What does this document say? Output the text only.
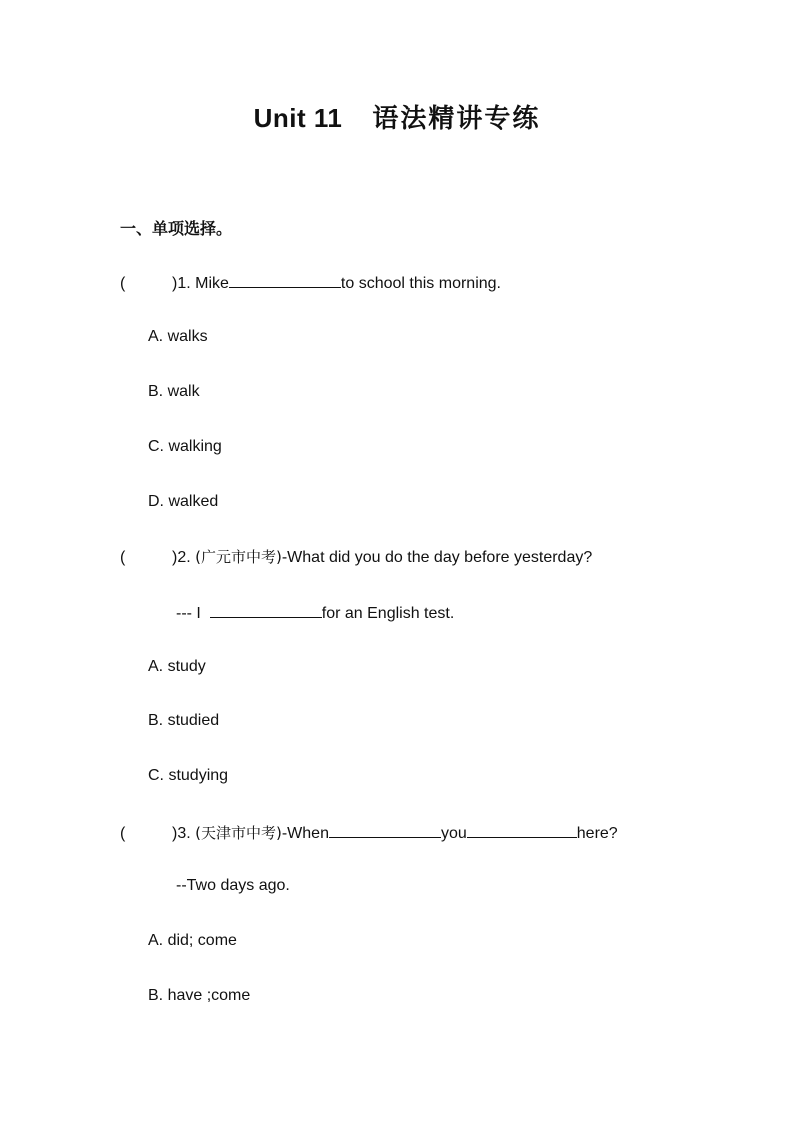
Unit 11 语法精讲专练
一、单项选择。
(	)1. Mike	to school this morning.
A. walks
B. walk
C. walking
D. walked
(	)2. (广元市中考)-What did you do the day before yesterday?
--- I	for an English test.
A. study
B. studied
C. studying
(	)3. (天津市中考)-When	you	here?
--Two days ago.
A. did; come
B. have ;come
